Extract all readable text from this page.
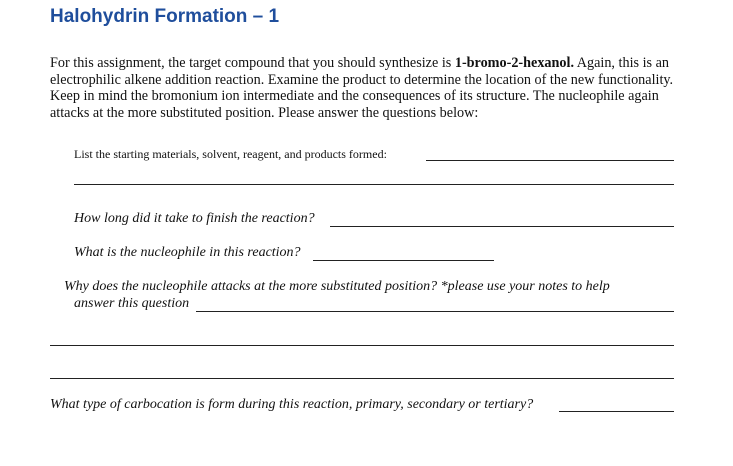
Halohydrin Formation – 1
For this assignment, the target compound that you should synthesize is 1-bromo-2-hexanol. Again, this is an electrophilic alkene addition reaction. Examine the product to determine the location of the new functionality. Keep in mind the bromonium ion intermediate and the consequences of its structure. The nucleophile again attacks at the more substituted position. Please answer the questions below:
List the starting materials, solvent, reagent, and products formed:
How long did it take to finish the reaction?
What is the nucleophile in this reaction?
Why does the nucleophile attacks at the more substituted position? *please use your notes to help
answer this question
What type of carbocation is form during this reaction, primary, secondary or tertiary?
